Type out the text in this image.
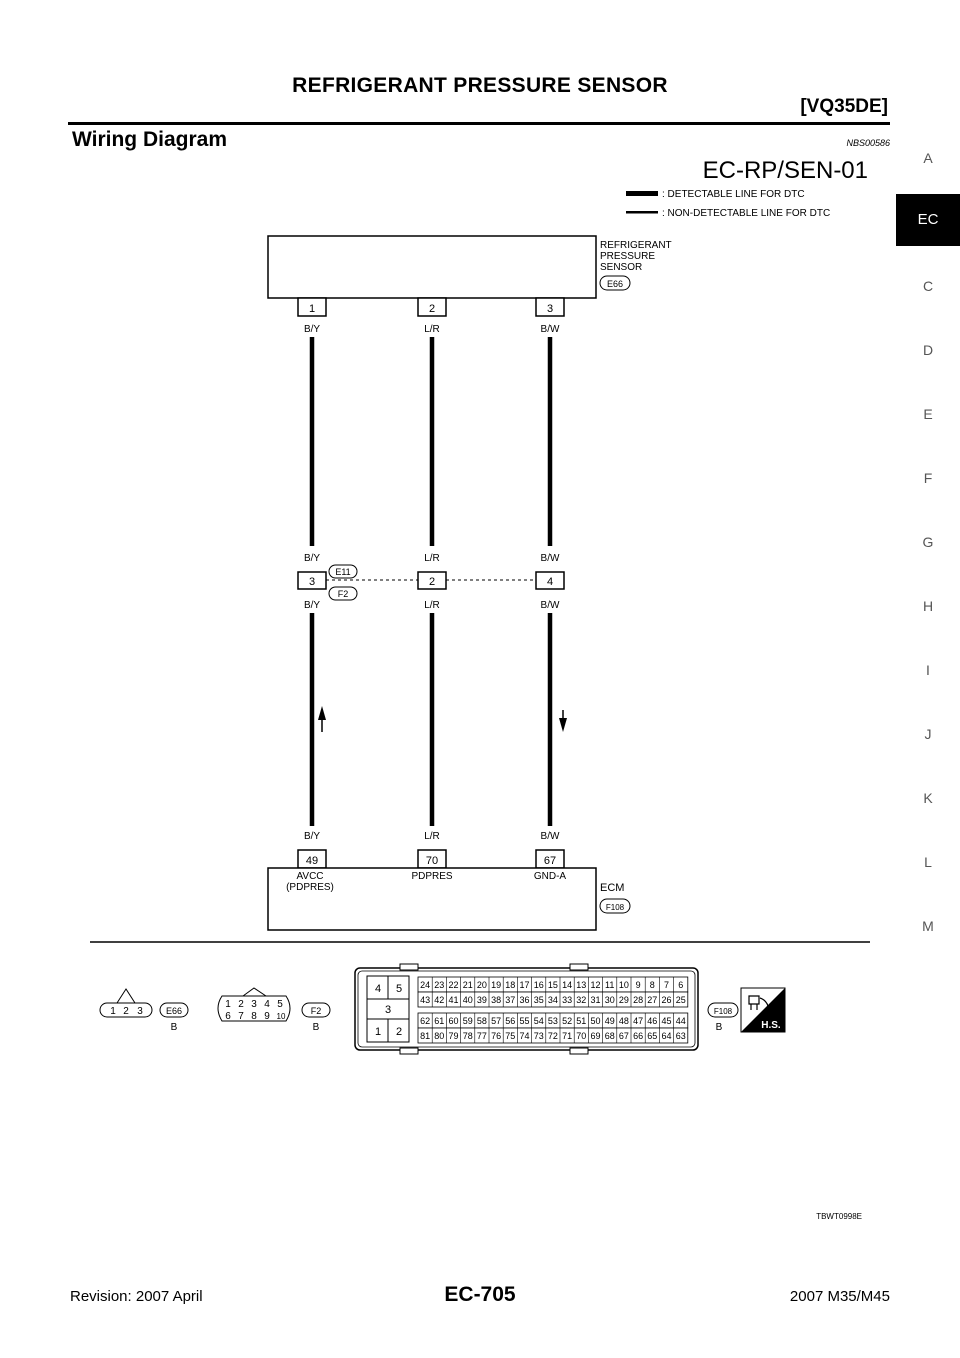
REFRIGERANT PRESSURE SENSOR
[VQ35DE]
Wiring Diagram	NBS00586
A
EC
C
D
E
F
G
H
I
J
K
L
M
EC-RP/SEN-01
: DETECTABLE LINE FOR DTC
: NON-DETECTABLE LINE FOR DTC
REFRIGERANT
PRESSURE
SENSOR
E66
1	2	3
B/Y	L/R	B/W
B/Y	L/R	B/W
3	2	4
E11
F2
B/Y	L/R	B/W
B/Y	L/R	B/W
49	70	67
AVCC
(PDPRES)
PDPRES	GND-A
ECM
F108
1 2 3	E66
B
1 2 3 4 5
6 7 8 9 10
F2
B
4 5
3
1 2
24 23 22 21 20 19 18 17 16 15 14 13 12 11 10 9 8 7 6
43 42 41 40 39 38 37 36 35 34 33 32 31 30 29 28 27 26 25
62 61 60 59 58 57 56 55 54 53 52 51 50 49 48 47 46 45 44
81 80 79 78 77 76 75 74 73 72 71 70 69 68 67 66 65 64 63
F108
B	H.S.
TBWT0998E
Revision: 2007 April	EC-705	2007 M35/M45
